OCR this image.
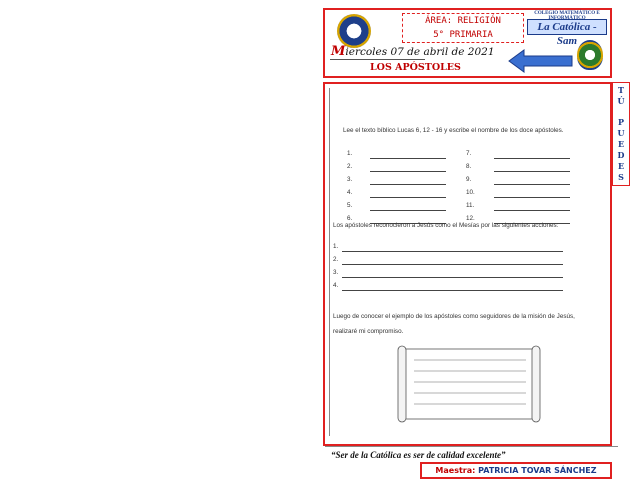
ÁREA: RELIGIÓN
5° PRIMARIA
COLEGIO MATEMÁTICO E
La Católica -Sam
Miercoles 07 de abril de 2021
LOS APÓSTOLES
T
Ú
P
U
E
D
E
S
Lee el texto bíblico Lucas 6, 12 - 16 y escribe el nombre de los doce apóstoles.
1.
2.
3.
4.
5.
6.
7.
8.
9.
10.
11.
12.
Los apóstoles reconocieron a Jesús como el Mesías por las siguientes acciones:
1.
2.
3.
4.
Luego de conocer el ejemplo de los apóstoles como seguidores de la misión de Jesús,
realizaré mi compromiso.
“Ser de la Católica es ser de calidad excelente”
Maestra: PATRICIA TOVAR SÁNCHEZ
